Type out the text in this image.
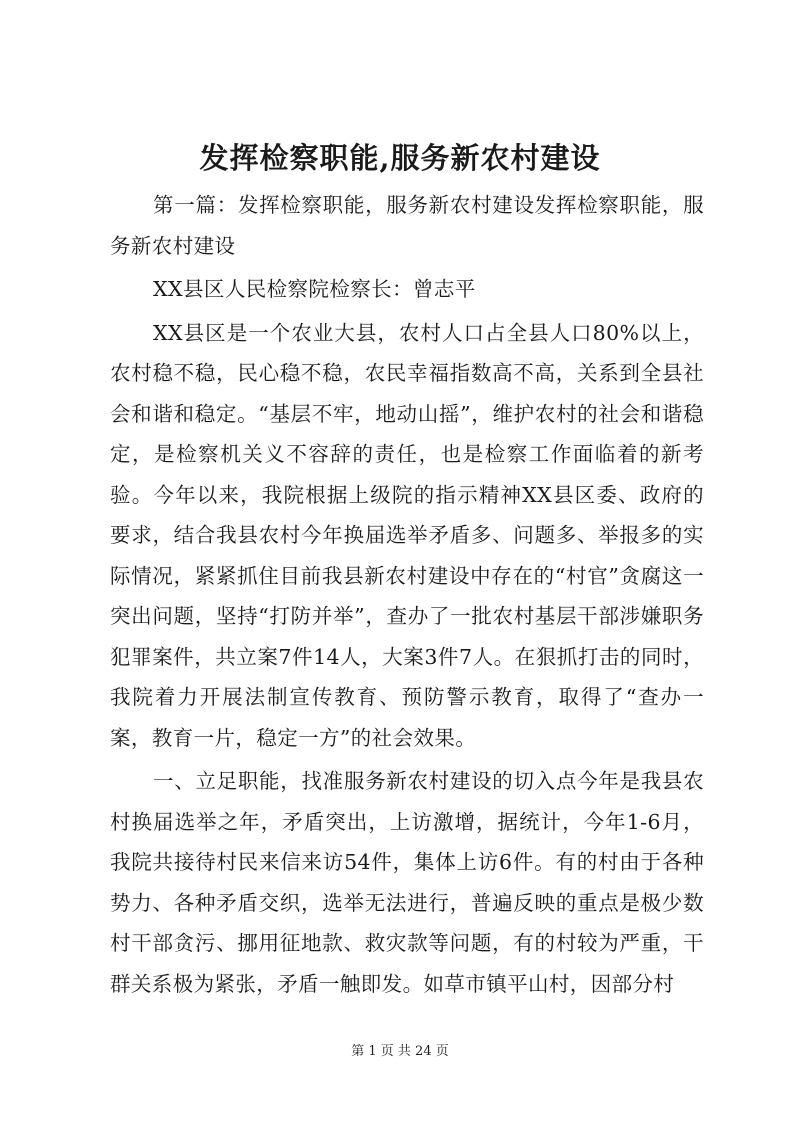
发挥检察职能,服务新农村建设

第一篇：发挥检察职能，服务新农村建设发挥检察职能，服务新农村建设

XX县区人民检察院检察长：曾志平

XX县区是一个农业大县，农村人口占全县人口80%以上，农村稳不稳，民心稳不稳，农民幸福指数高不高，关系到全县社会和谐和稳定。“基层不牢，地动山摇”，维护农村的社会和谐稳定，是检察机关义不容辞的责任，也是检察工作面临着的新考验。今年以来，我院根据上级院的指示精神XX县区委、政府的要求，结合我县农村今年换届选举矛盾多、问题多、举报多的实际情况，紧紧抓住目前我县新农村建设中存在的“村官”贪腐这一突出问题，坚持“打防并举”，查办了一批农村基层干部涉嫌职务犯罪案件，共立案7件14人，大案3件7人。在狠抓打击的同时，我院着力开展法制宣传教育、预防警示教育，取得了“查办一案，教育一片，稳定一方”的社会效果。

一、立足职能，找准服务新农村建设的切入点今年是我县农村换届选举之年，矛盾突出，上访激增，据统计，今年1-6月，我院共接待村民来信来访54件，集体上访6件。有的村由于各种势力、各种矛盾交织，选举无法进行，普遍反映的重点是极少数村干部贪污、挪用征地款、救灾款等问题，有的村较为严重，干群关系极为紧张，矛盾一触即发。如草市镇平山村，因部分村

第 1 页 共 24 页
